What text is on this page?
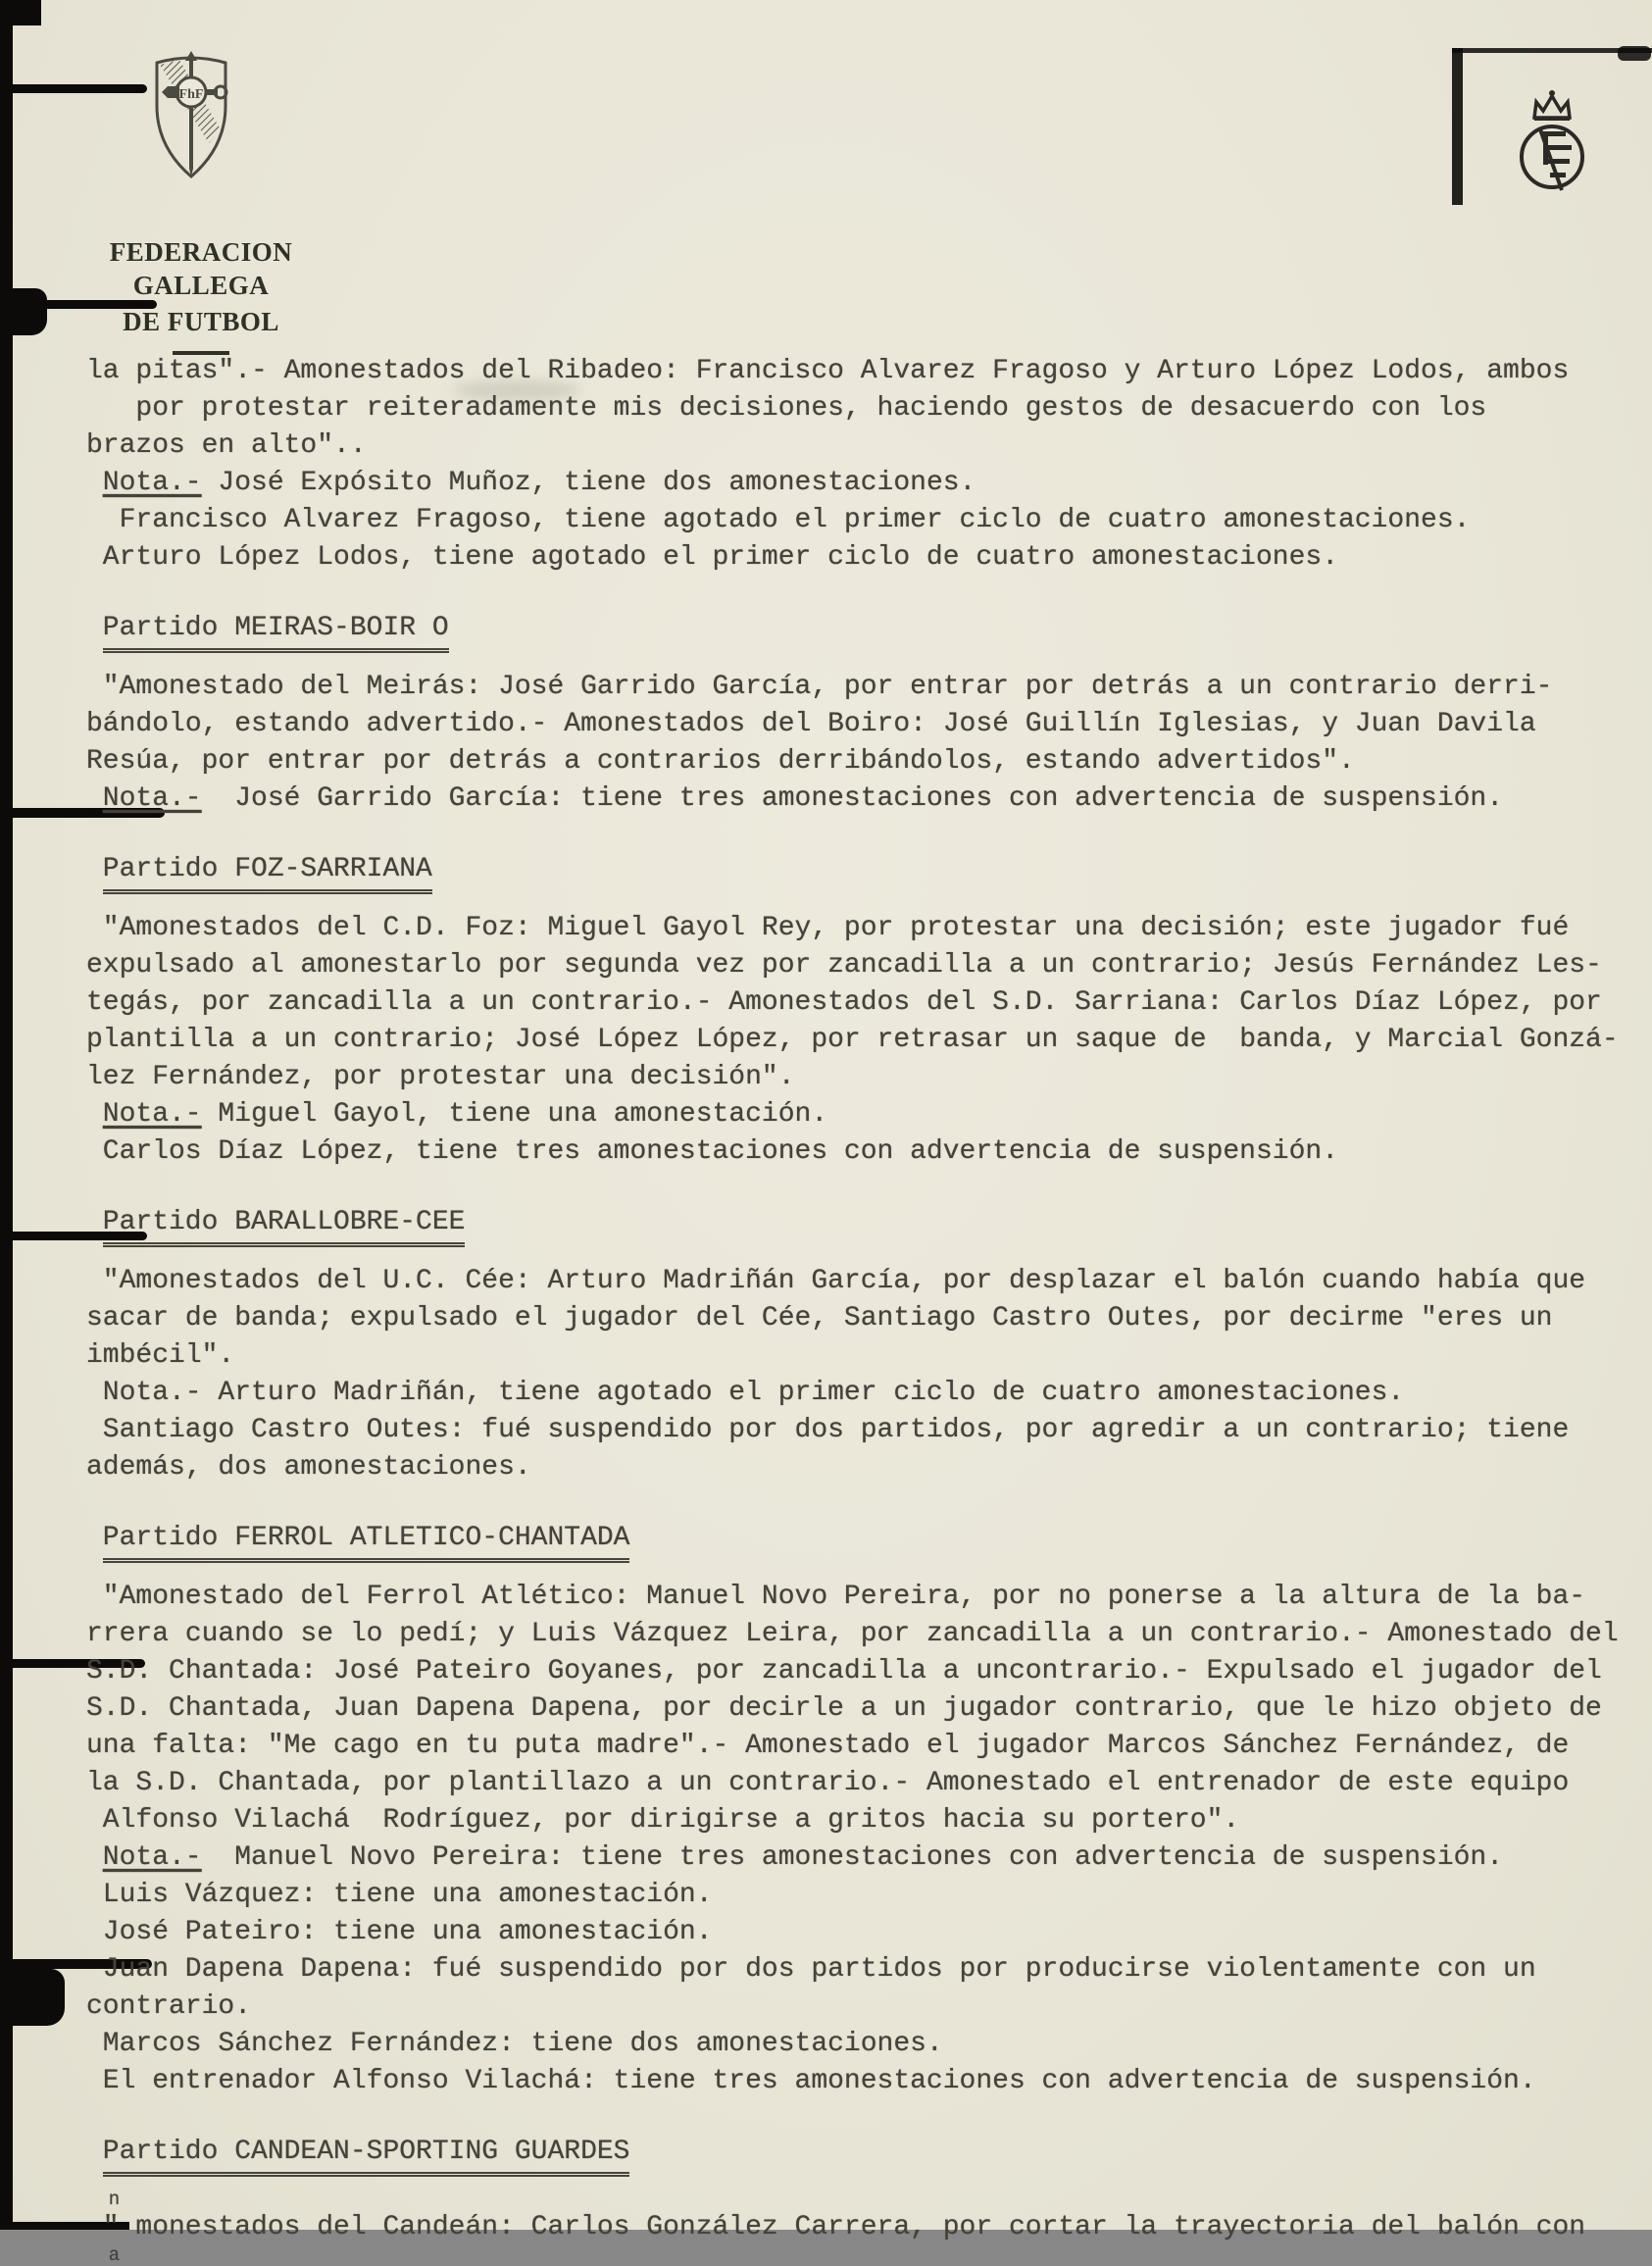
FhF
FEDERACION GALLEGA
DE FUTBOL
la pitas".- Amonestados del Ribadeo: Francisco Alvarez Fragoso y Arturo López Lodos, ambos
por protestar reiteradamente mis decisiones, haciendo gestos de desacuerdo con los
brazos en alto"..
Nota.- José Expósito Muñoz, tiene dos amonestaciones.
Francisco Alvarez Fragoso, tiene agotado el primer ciclo de cuatro amonestaciones.
Arturo López Lodos, tiene agotado el primer ciclo de cuatro amonestaciones.
Partido MEIRAS-BOIR O
"Amonestado del Meirás: José Garrido García, por entrar por detrás a un contrario derri-
bándolo, estando advertido.- Amonestados del Boiro: José Guillín Iglesias, y Juan Davila
Resúa, por entrar por detrás a contrarios derribándolos, estando advertidos".
Nota.-  José Garrido García: tiene tres amonestaciones con advertencia de suspensión.
Partido FOZ-SARRIANA
"Amonestados del C.D. Foz: Miguel Gayol Rey, por protestar una decisión; este jugador fué
expulsado al amonestarlo por segunda vez por zancadilla a un contrario; Jesús Fernández Les-
tegás, por zancadilla a un contrario.- Amonestados del S.D. Sarriana: Carlos Díaz López, por
plantilla a un contrario; José López López, por retrasar un saque de  banda, y Marcial Gonzá-
lez Fernández, por protestar una decisión".
Nota.- Miguel Gayol, tiene una amonestación.
Carlos Díaz López, tiene tres amonestaciones con advertencia de suspensión.
Partido BARALLOBRE-CEE
"Amonestados del U.C. Cée: Arturo Madriñán García, por desplazar el balón cuando había que
sacar de banda; expulsado el jugador del Cée, Santiago Castro Outes, por decirme "eres un
imbécil".
Nota.- Arturo Madriñán, tiene agotado el primer ciclo de cuatro amonestaciones.
Santiago Castro Outes: fué suspendido por dos partidos, por agredir a un contrario; tiene
además, dos amonestaciones.
Partido FERROL ATLETICO-CHANTADA
"Amonestado del Ferrol Atlético: Manuel Novo Pereira, por no ponerse a la altura de la ba-
rrera cuando se lo pedí; y Luis Vázquez Leira, por zancadilla a un contrario.- Amonestado del
S.D. Chantada: José Pateiro Goyanes, por zancadilla a uncontrario.- Expulsado el jugador del
S.D. Chantada, Juan Dapena Dapena, por decirle a un jugador contrario, que le hizo objeto de
una falta: "Me cago en tu puta madre".- Amonestado el jugador Marcos Sánchez Fernández, de
la S.D. Chantada, por plantillazo a un contrario.- Amonestado el entrenador de este equipo
Alfonso Vilachá  Rodríguez, por dirigirse a gritos hacia su portero".
Nota.-  Manuel Novo Pereira: tiene tres amonestaciones con advertencia de suspensión.
Luis Vázquez: tiene una amonestación.
José Pateiro: tiene una amonestación.
Juan Dapena Dapena: fué suspendido por dos partidos por producirse violentamente con un
contrario.
Marcos Sánchez Fernández: tiene dos amonestaciones.
El entrenador Alfonso Vilachá: tiene tres amonestaciones con advertencia de suspensión.
Partido CANDEAN-SPORTING GUARDES
n
" monestados del Candeán: Carlos González Carrera, por cortar la trayectoria del balón con
a
